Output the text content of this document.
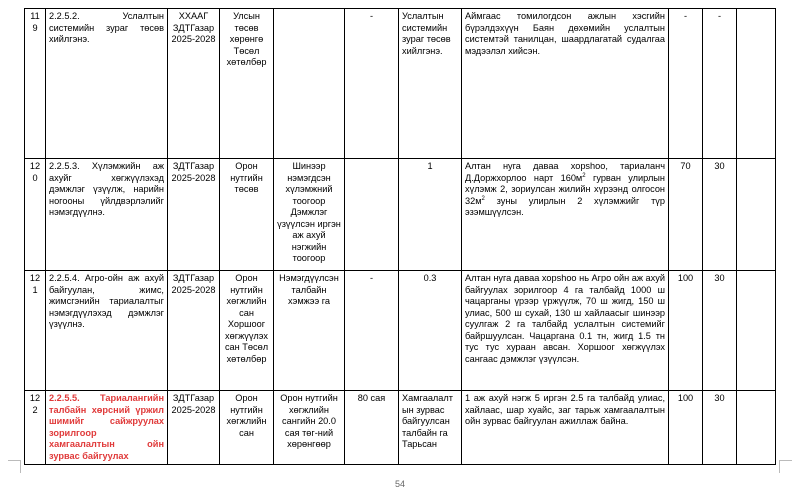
119	2.2.5.2. Услалтын системийн зураг төсөв хийлгэнэ.	ХХААГ ЗДТГазар 2025-2028	Улсын төсөв хөрөнгө Төсөл хөтөлбөр		-	Услалтын системийн зураг төсөв хийлгэнэ.	Аймгаас томилогдсон ажлын хэсгийн бүрэлдэхүүн Баян дөхөмийн услалтын системтэй танилцан, шаардлагатай судалгаа мэдээлэл хийсэн.	-	-	
120	2.2.5.3. Хүлэмжийн аж ахуйг хөгжүүлэхэд дэмжлэг үзүүлж, нарийн ногооны үйлдвэрлэлийг нэмэгдүүлнэ.	ЗДТГазар 2025-2028	Орон нутгийн төсөв	Шинээр нэмэгдсэн хүлэмжний тоогоор Дэмжлэг үзүүлсэн иргэн аж ахуй нэгжийн тоогоор		1	Алтан нуга даваа хорshoo, тариаланч Д.Доржхорлоо нарт $160м^2$ гурван улирлын хүлэмж 2, зориулсан жилийн хүрээнд олгосон $32м^2$ зуны улирлын 2 хүлэмжийг түр эзэмшүүлсэн.	70	30	
121	2.2.5.4. Агро-ойн аж ахуй байгуулан, жимс, жимсгэнийн тариалалтыг нэмэгдүүлэхэд дэмжлэг үзүүлнэ.	ЗДТГазар 2025-2028	Орон нутгийн хөгжлийн сан Хоршоог хөгжүүлэх сан Төсөл хөтөлбөр	Нэмэгдүүлсэн талбайн хэмжээ га	-	0.3	Алтан нуга даваа хорshoo нь Агро ойн аж ахуй байгуулах зорилгоор 4 га талбайд 1000 ш чацарганы үрээр үржүүлж, 70 ш жигд, 150 ш улиас, 500 ш сухай, 130 ш хайлаасыг шинээр суулгаж 2 га талбайд услалтын системийг байршуулсан. Чацаргана 0.1 тн, жигд 1.5 тн тус тус хураан авсан. Хоршоог хөгжүүлэх сангаас дэмжлэг үзүүлсэн.	100	30	
122	2.2.5.5. Тариалангийн талбайн хөрсний үржил шимийг сайжруулах зорилгоор хамгаалалтын ойн зурвас байгуулах	ЗДТГазар 2025-2028	Орон нутгийн хөгжлийн сан	Орон нутгийн хөгжлийн сангийн 20.0 сая төг-ний хөрөнгөөр	80 сая	Хамгаалалтын зурвас байгуулсан талбайн га Тарьсан	1 аж ахуй нэгж 5 иргэн 2.5 га талбайд улиас, хайлаас, шар хуайс, заг тарьж хамгаалалтын ойн зурвас байгуулан ажиллаж байна.	100	30	
54
